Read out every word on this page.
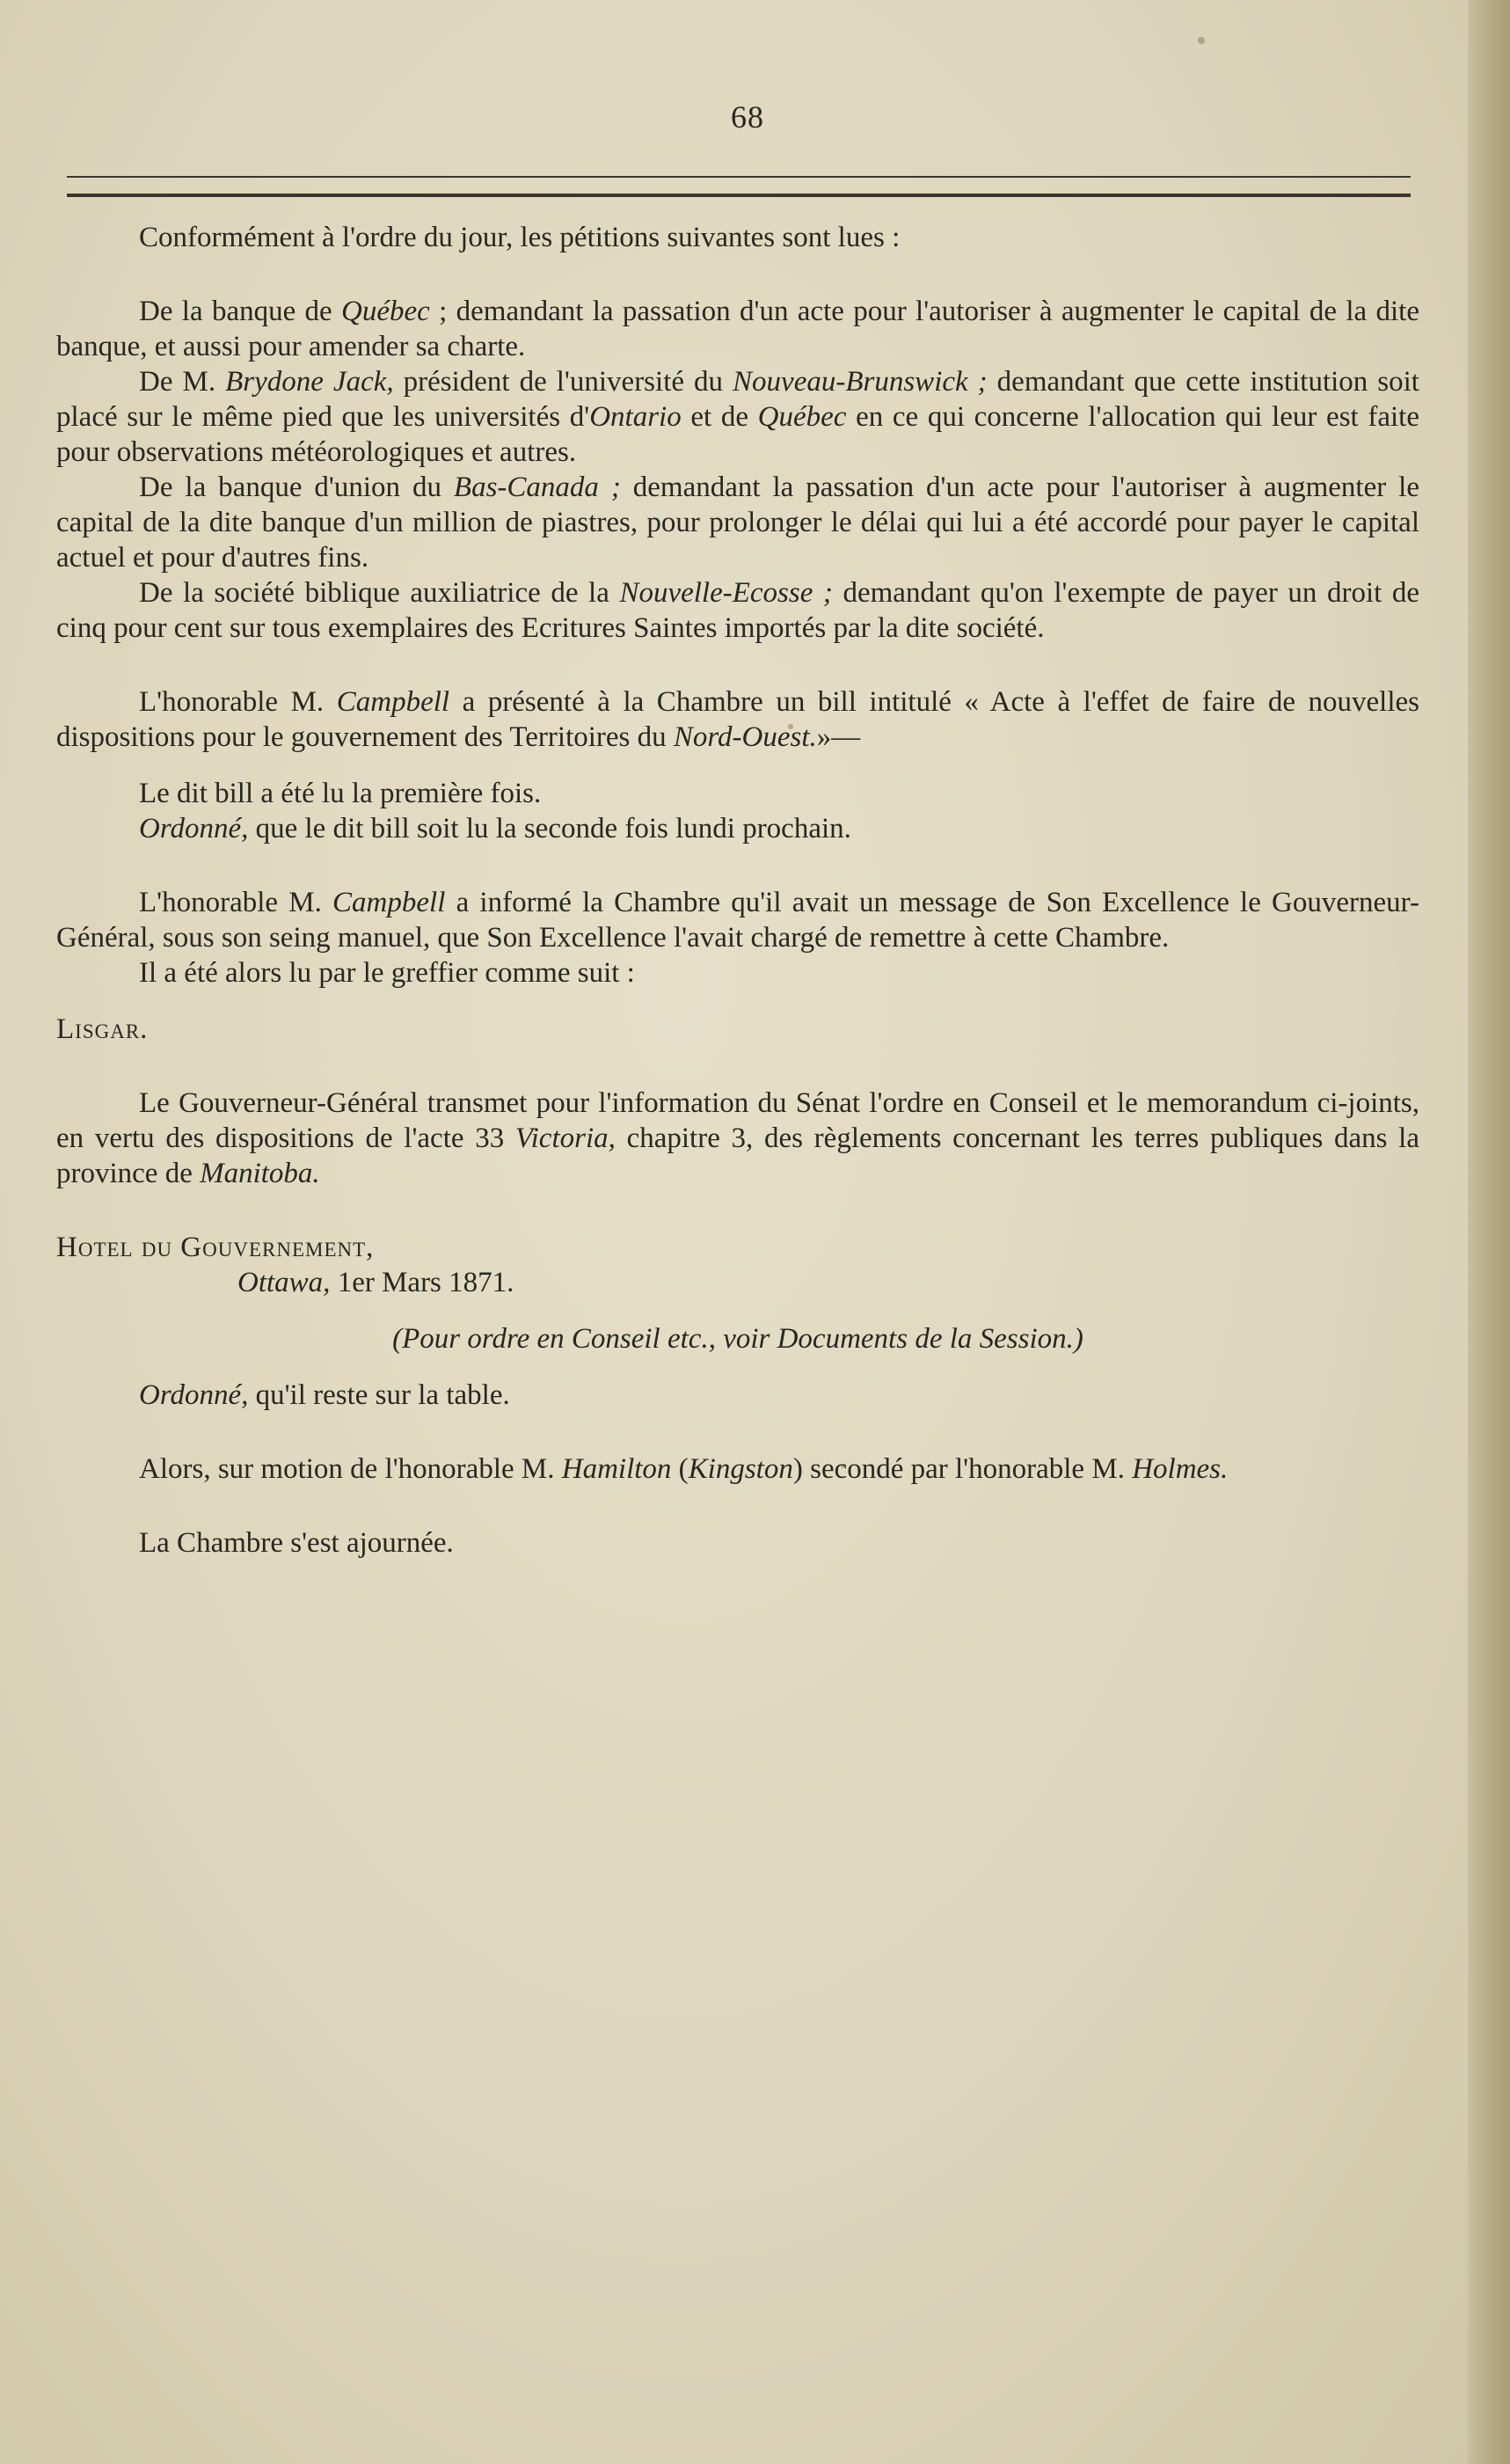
68

Conformément à l'ordre du jour, les pétitions suivantes sont lues :

De la banque de Québec ; demandant la passation d'un acte pour l'autoriser à augmenter le capital de la dite banque, et aussi pour amender sa charte.

De M. Brydone Jack, président de l'université du Nouveau-Brunswick ; demandant que cette institution soit placé sur le même pied que les universités d'Ontario et de Québec en ce qui concerne l'allocation qui leur est faite pour observations météorologiques et autres.

De la banque d'union du Bas-Canada ; demandant la passation d'un acte pour l'autoriser à augmenter le capital de la dite banque d'un million de piastres, pour prolonger le délai qui lui a été accordé pour payer le capital actuel et pour d'autres fins.

De la société biblique auxiliatrice de la Nouvelle-Ecosse ; demandant qu'on l'exempte de payer un droit de cinq pour cent sur tous exemplaires des Ecritures Saintes importés par la dite société.

L'honorable M. Campbell a présenté à la Chambre un bill intitulé « Acte à l'effet de faire de nouvelles dispositions pour le gouvernement des Territoires du Nord-Ouest.»—

Le dit bill a été lu la première fois.

Ordonné, que le dit bill soit lu la seconde fois lundi prochain.

L'honorable M. Campbell a informé la Chambre qu'il avait un message de Son Excellence le Gouverneur-Général, sous son seing manuel, que Son Excellence l'avait chargé de remettre à cette Chambre.

Il a été alors lu par le greffier comme suit :

Lisgar.

Le Gouverneur-Général transmet pour l'information du Sénat l'ordre en Conseil et le memorandum ci-joints, en vertu des dispositions de l'acte 33 Victoria, chapitre 3, des règlements concernant les terres publiques dans la province de Manitoba.

Hotel du Gouvernement,

Ottawa, 1er Mars 1871.

(Pour ordre en Conseil etc., voir Documents de la Session.)

Ordonné, qu'il reste sur la table.

Alors, sur motion de l'honorable M. Hamilton (Kingston) secondé par l'honorable M. Holmes.

La Chambre s'est ajournée.
